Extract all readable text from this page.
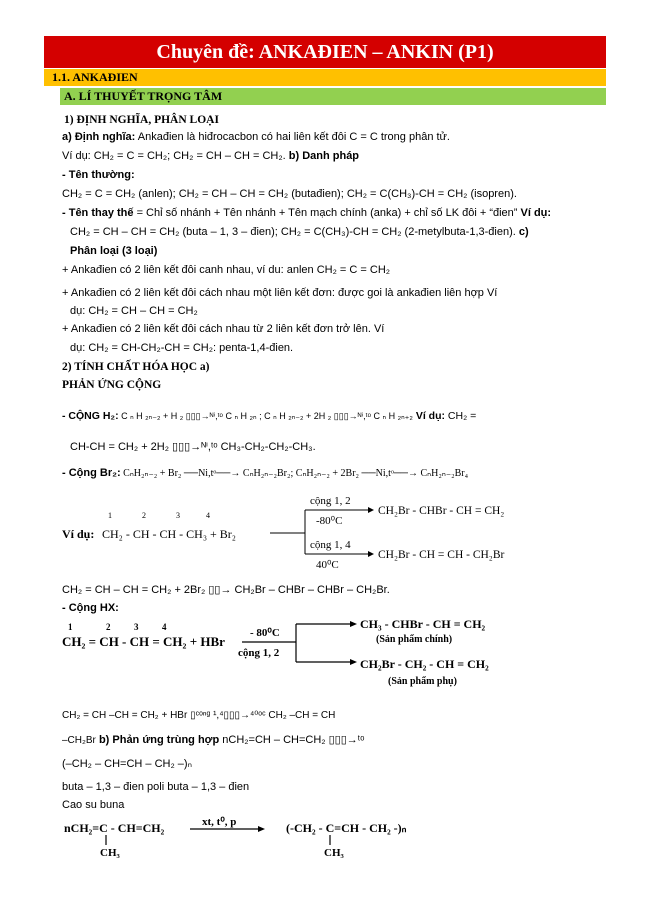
Chuyên đề: ANKAĐIEN – ANKIN (P1)
1.1. ANKAĐIEN
A. LÍ THUYẾT TRỌNG TÂM
1) ĐỊNH NGHĨA, PHÂN LOẠI
a) Định nghĩa: Ankađien là hiđrocacbon có hai liên kết đôi C = C trong phân tử.
Ví dụ: CH₂ = C = CH₂; CH₂ = CH – CH = CH₂. b) Danh pháp
- Tên thường:
CH₂ = C = CH₂ (anlen); CH₂ = CH – CH = CH₂ (butađien); CH₂ = C(CH₃)-CH = CH₂ (isopren).
- Tên thay thế = Chỉ số nhánh + Tên nhánh + Tên mạch chính (anka) + chỉ số LK đôi + “đien” Ví dụ:
CH₂ = CH – CH = CH₂ (buta – 1, 3 – đien); CH₂ = C(CH₃)-CH = CH₂ (2-metylbuta-1,3-đien). c)
Phân loại (3 loại)
+ Ankađien có 2 liên kết đôi canh nhau, ví du: anlen CH₂ = C = CH₂
+ Ankađien có 2 liên kết đôi cách nhau một liên kết đơn: được goi là ankađien liên hợp Ví
dụ: CH₂ = CH – CH = CH₂
+ Ankađien có 2 liên kết đôi cách nhau từ 2 liên kết đơn trở lên. Ví
dụ: CH₂ = CH-CH₂-CH = CH₂: penta-1,4-đien.
2) TÍNH CHẤT HÓA HỌC a)
PHẢN ỨNG CỘNG
- CỘNG H₂: C ₙ H ₂ₙ₋₂ + H ₂ ▯▯▯→ᴺⁱ,ᵗᵒ C ₙ H ₂ₙ ; C ₙ H ₂ₙ₋₂ + 2H ₂ ▯▯▯→ᴺⁱ,ᵗᵒ C ₙ H ₂ₙ₊₂ Ví dụ: CH₂ =
CH-CH = CH₂ + 2H₂ ▯▯▯→ᴺⁱ,ᵗᵒ CH₃-CH₂-CH₂-CH₃.
- Cộng Br₂: CₙH₂ₙ₋₂ + Br₂ ──Ni,tᵒ──→ CₙH₂ₙ₋₂Br₂; CₙH₂ₙ₋₂ + 2Br₂ ──Ni,tᵒ──→ CₙH₂ₙ₋₂Br₄
Ví dụ:
1	2	3	4
CH₂ - CH - CH - CH₃ + Br₂
cộng 1, 2
-80⁰C
CH₂Br - CHBr - CH = CH₂
cộng 1, 4
40⁰C
CH₂Br - CH = CH - CH₂Br
CH₂ = CH – CH = CH₂ + 2Br₂ ▯▯→ CH₂Br – CHBr – CHBr – CH₂Br.
- Cộng HX:
1	2	3	4
CH₂ = CH - CH = CH₂ + HBr
- 80⁰C
cộng 1, 2
CH₃ - CHBr - CH = CH₂
(Sản phẩm chính)
CH₂Br - CH₂ - CH = CH₂
(Sản phẩm phụ)
CH₂ = CH –CH = CH₂ + HBr ▯ᶜᵒⁿᵍ ¹,⁴▯▯▯→⁴⁰ᵒᶜ CH₂ –CH = CH
–CH₂Br b) Phản ứng trùng hợp nCH₂=CH – CH=CH₂ ▯▯▯→ᵗᵒ
(–CH₂ – CH=CH – CH₂ –)ₙ
buta – 1,3 – đien poli buta – 1,3 – đien
Cao su buna
nCH₂=C - CH=CH₂
CH₃
xt, t⁰, p	(-CH₂ - C=CH - CH₂ -)ₙ
CH₃
